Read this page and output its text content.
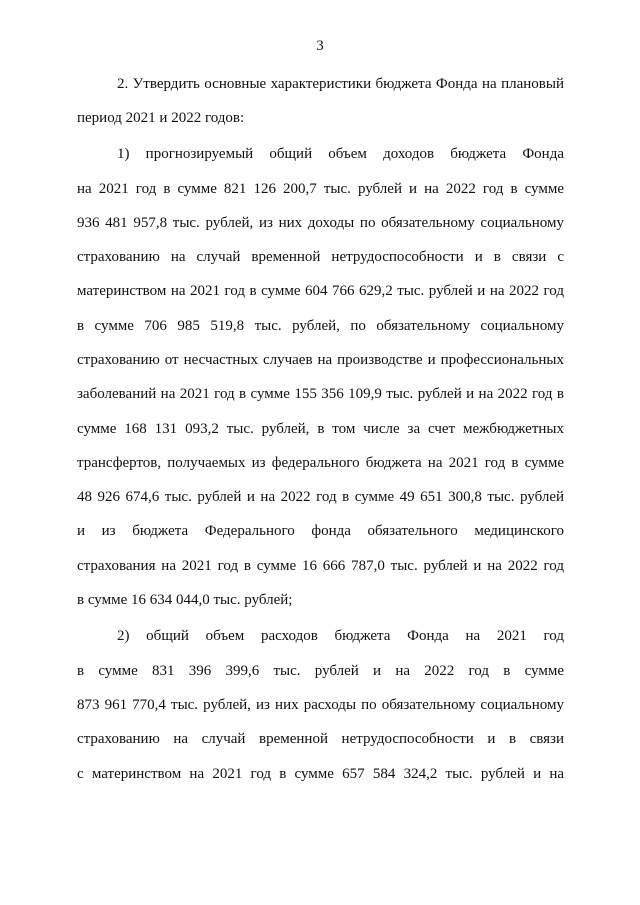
3
2. Утвердить основные характеристики бюджета Фонда на плановый
период 2021 и 2022 годов:
1) прогнозируемый общий объем доходов бюджета Фонда
на 2021 год в сумме 821 126 200,7 тыс. рублей и на 2022 год в сумме
936 481 957,8 тыс. рублей, из них доходы по обязательному социальному
страхованию на случай временной нетрудоспособности и в связи с
материнством на 2021 год в сумме 604 766 629,2 тыс. рублей и на 2022 год
в сумме 706 985 519,8 тыс. рублей, по обязательному социальному
страхованию от несчастных случаев на производстве и профессиональных
заболеваний на 2021 год в сумме 155 356 109,9 тыс. рублей и на 2022 год в
сумме 168 131 093,2 тыс. рублей, в том числе за счет межбюджетных
трансфертов, получаемых из федерального бюджета на 2021 год в сумме
48 926 674,6 тыс. рублей и на 2022 год в сумме 49 651 300,8 тыс. рублей
и из бюджета Федерального фонда обязательного медицинского
страхования на 2021 год в сумме 16 666 787,0 тыс. рублей и на 2022 год
в сумме 16 634 044,0 тыс. рублей;
2) общий объем расходов бюджета Фонда на 2021 год
в сумме 831 396 399,6 тыс. рублей и на 2022 год в сумме
873 961 770,4 тыс. рублей, из них расходы по обязательному социальному
страхованию на случай временной нетрудоспособности и в связи
с материнством на 2021 год в сумме 657 584 324,2 тыс. рублей и на
